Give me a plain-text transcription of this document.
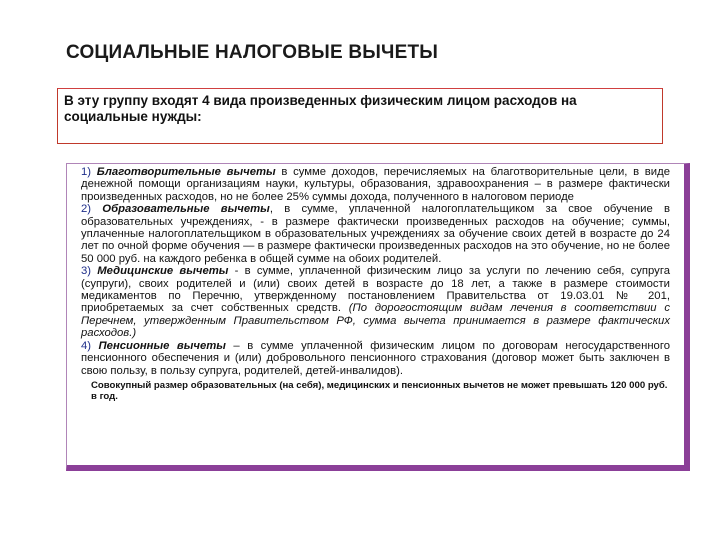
СОЦИАЛЬНЫЕ НАЛОГОВЫЕ ВЫЧЕТЫ
В эту группу входят 4 вида произведенных физическим лицом расходов на социальные нужды:

1) Благотворительные вычеты в сумме доходов, перечисляемых на благотворительные цели, в виде денежной помощи организациям науки, культуры, образования, здравоохранения – в размере фактически произведенных расходов, но не более 25% суммы дохода, полученного в налоговом периоде

2) Образовательные вычеты, в сумме, уплаченной налогоплательщиком за свое обучение в образовательных учреждениях, - в размере фактически произведенных расходов на обучение; суммы, уплаченные налогоплательщиком в образовательных учреждениях за обучение своих детей в возрасте до 24 лет по очной форме обучения — в размере фактически произведенных расходов на это обучение, но не более 50 000 руб. на каждого ребенка в общей сумме на обоих родителей.

3) Медицинские вычеты - в сумме, уплаченной физическим лицо за услуги по лечению себя, супруга (супруги), своих родителей и (или) своих детей в возрасте до 18 лет, а также в размере стоимости медикаментов по Перечню, утвержденному постановлением Правительства от 19.03.01 № 201, приобретаемых за счет собственных средств. (По дорогостоящим видам лечения в соответствии с Перечнем, утвержденным Правительством РФ, сумма вычета принимается в размере фактических расходов.)

4) Пенсионные вычеты – в сумме уплаченной физическим лицом по договорам негосударственного пенсионного обеспечения и (или) добровольного пенсионного страхования (договор может быть заключен в свою пользу, в пользу супруга, родителей, детей-инвалидов).

Совокупный размер образовательных (на себя), медицинских и пенсионных вычетов не может превышать 120 000 руб. в год.
